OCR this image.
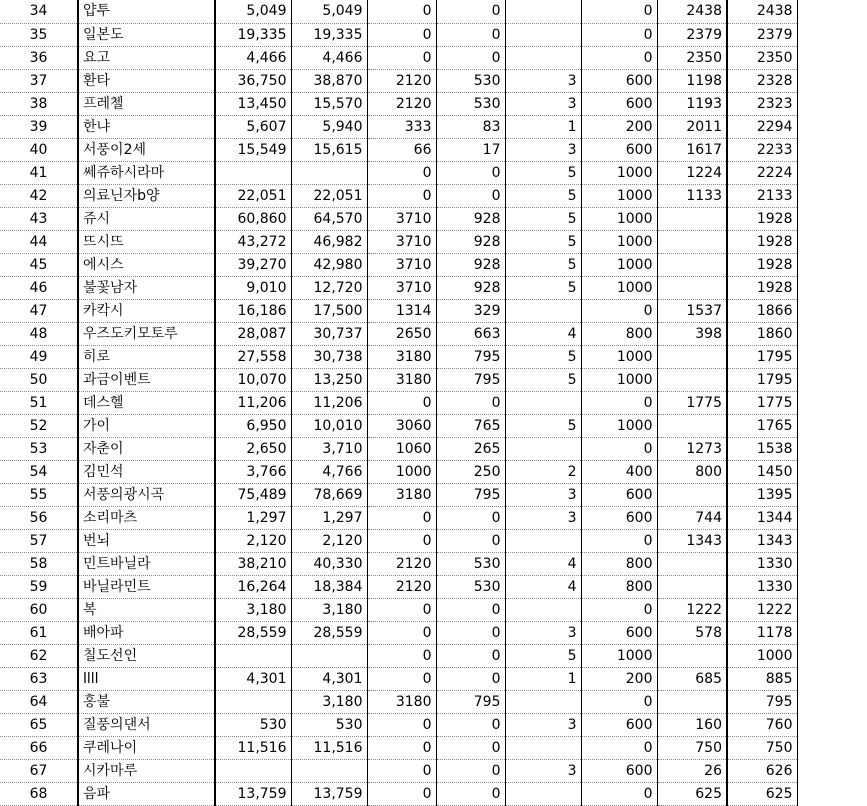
34	얍투	5,049	5,049	0	0		0	2438	2438
35	일본도	19,335	19,335	0	0		0	2379	2379
36	요고	4,466	4,466	0	0		0	2350	2350
37	환타	36,750	38,870	2120	530	3	600	1198	2328
38	프레첼	13,450	15,570	2120	530	3	600	1193	2323
39	한냐	5,607	5,940	333	83	1	200	2011	2294
40	서풍이2세	15,549	15,615	66	17	3	600	1617	2233
41	쎄쥬하시라마			0	0	5	1000	1224	2224
42	의료닌자b양	22,051	22,051	0	0	5	1000	1133	2133
43	쥬시	60,860	64,570	3710	928	5	1000		1928
44	뜨시뜨	43,272	46,982	3710	928	5	1000		1928
45	에시스	39,270	42,980	3710	928	5	1000		1928
46	불꽃남자	9,010	12,720	3710	928	5	1000		1928
47	카칵시	16,186	17,500	1314	329		0	1537	1866
48	우즈도키모토루	28,087	30,737	2650	663	4	800	398	1860
49	히로	27,558	30,738	3180	795	5	1000		1795
50	과금이벤트	10,070	13,250	3180	795	5	1000		1795
51	데스헬	11,206	11,206	0	0		0	1775	1775
52	가이	6,950	10,010	3060	765	5	1000		1765
53	자춘이	2,650	3,710	1060	265		0	1273	1538
54	김민석	3,766	4,766	1000	250	2	400	800	1450
55	서풍의광시곡	75,489	78,669	3180	795	3	600		1395
56	소리마츠	1,297	1,297	0	0	3	600	744	1344
57	번뇌	2,120	2,120	0	0		0	1343	1343
58	민트바닐라	38,210	40,330	2120	530	4	800		1330
59	바닐라민트	16,264	18,384	2120	530	4	800		1330
60	복	3,180	3,180	0	0		0	1222	1222
61	배아파	28,559	28,559	0	0	3	600	578	1178
62	칠도선인			0	0	5	1000		1000
63	llll	4,301	4,301	0	0	1	200	685	885
64	홍불		3,180	3180	795		0		795
65	질풍의댄서	530	530	0	0	3	600	160	760
66	쿠레나이	11,516	11,516	0	0		0	750	750
67	시카마루			0	0	3	600	26	626
68	음파	13,759	13,759	0	0		0	625	625
